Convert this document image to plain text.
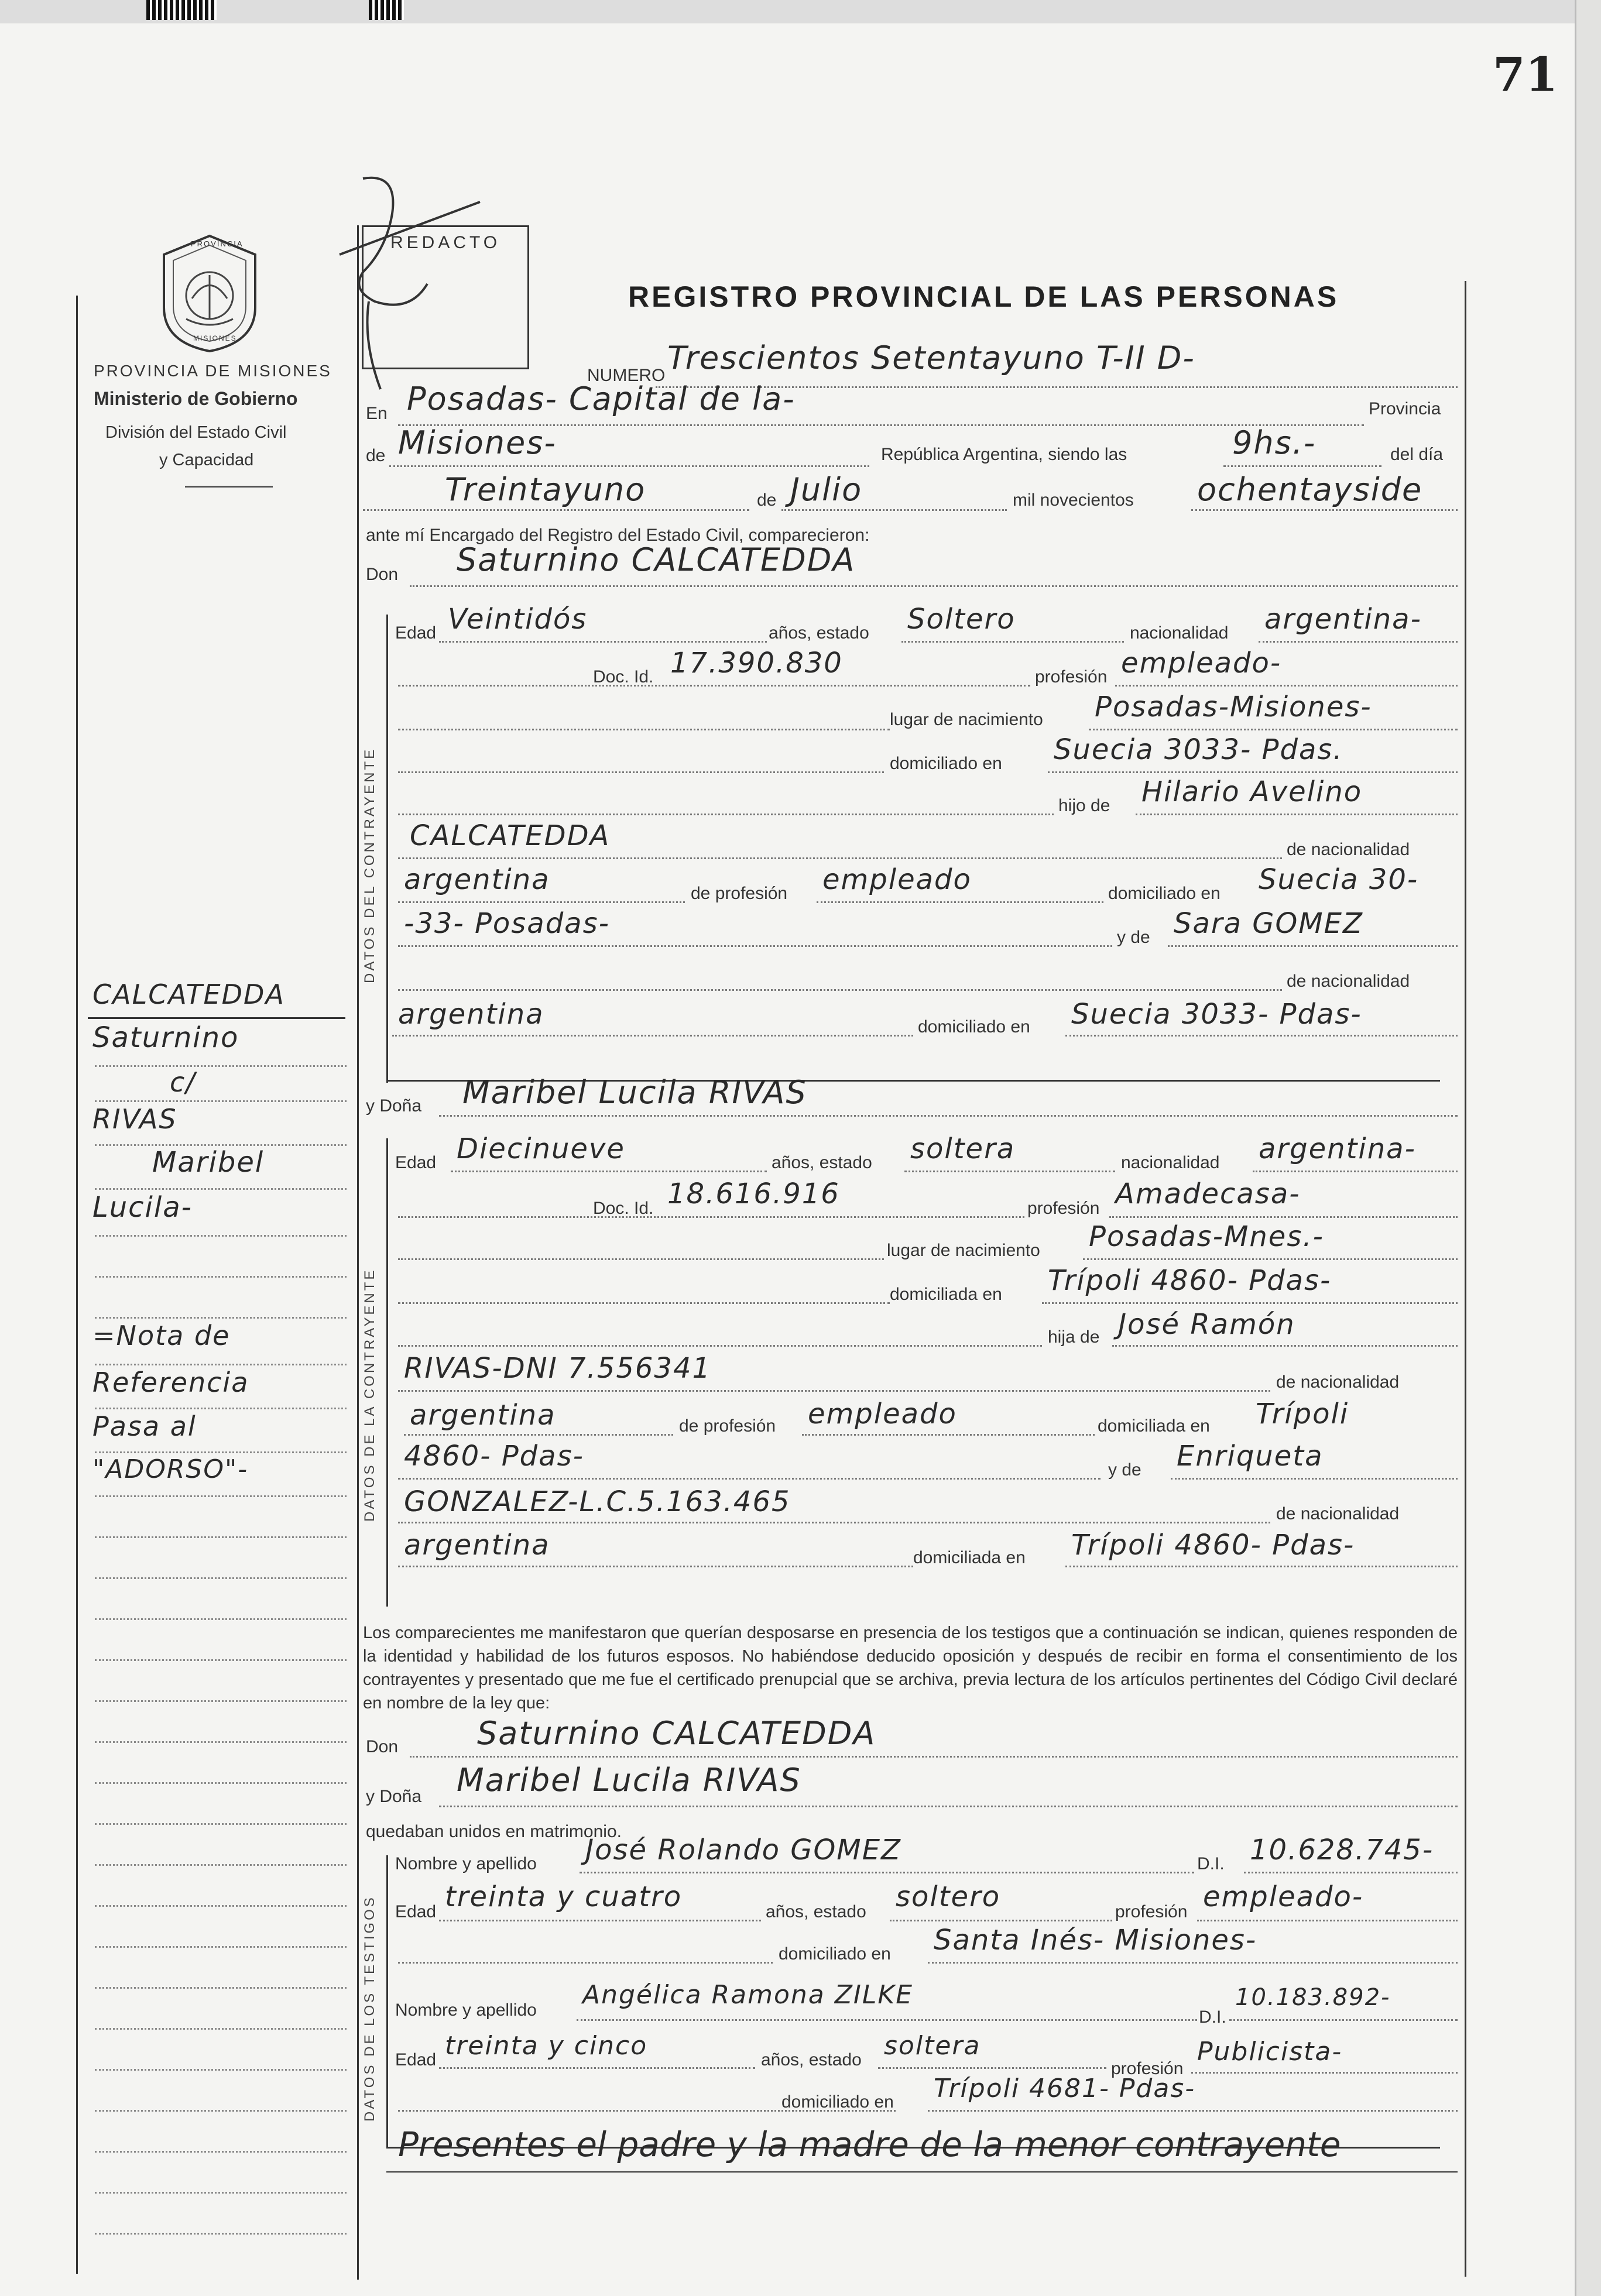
71
PROVINCIA
MISIONES
PROVINCIA DE MISIONES
Ministerio de Gobierno
División del Estado Civil
y Capacidad
REDACTO
REGISTRO PROVINCIAL DE LAS PERSONAS
DATOS DEL CONTRAYENTE
DATOS DE LA CONTRAYENTE
DATOS DE LOS TESTIGOS
NUMERO Trescientos Setentayuno T-II D-
En Posadas- Capital de la-	Provincia
de Misiones-	República Argentina, siendo las	9hs.-	del día
Treintayuno	de Julio	mil novecientos ochentayside
ante mí Encargado del Registro del Estado Civil, comparecieron:
Don Saturnino CALCATEDDA
Edad Veintidós	años, estado Soltero	nacionalidad argentina-
Doc. Id. 17.390.830	profesión empleado-
lugar de nacimiento Posadas-Misiones-
domiciliado en Suecia 3033- Pdas.
hijo de Hilario Avelino
CALCATEDDA	de nacionalidad
argentina	de profesión empleado	domiciliado en Suecia 30-
-33- Posadas-	y de Sara GOMEZ
de nacionalidad
argentina	domiciliado en Suecia 3033- Pdas-
y Doña Maribel Lucila RIVAS
Edad Diecinueve	años, estado soltera	nacionalidad argentina-
Doc. Id. 18.616.916	profesión Amadecasa-
lugar de nacimiento Posadas-Mnes.-
domiciliada en Trípoli 4860- Pdas-
hija de José Ramón
RIVAS-DNI 7.556341	de nacionalidad
argentina	de profesión empleado	domiciliada en Trípoli
4860- Pdas-	y de Enriqueta
GONZALEZ-L.C.5.163.465	de nacionalidad
argentina	domiciliada en Trípoli 4860- Pdas-
Los comparecientes me manifestaron que querían desposarse en presencia de los testigos que a continuación se indican, quienes responden de la identidad y habilidad de los futuros esposos. No habiéndose deducido oposición y después de recibir en forma el consentimiento de los contrayentes y presentado que me fue el certificado prenupcial que se archiva, previa lectura de los artículos pertinentes del Código Civil declaré en nombre de la ley que:
Don Saturnino CALCATEDDA
y Doña Maribel Lucila RIVAS
quedaban unidos en matrimonio.
Nombre y apellido José Rolando GOMEZ	D.I. 10.628.745-
Edad treinta y cuatro	años, estado soltero	profesión empleado-
domiciliado en Santa Inés- Misiones-
Nombre y apellido
Angélica Ramona ZILKE
D.I.
10.183.892-
Edad treinta y cinco	años, estado soltera
profesión
Publicista-
domiciliado en Trípoli 4681- Pdas-
Presentes el padre y la madre de la menor contrayente
CALCATEDDA
Saturnino
c/
RIVAS
Maribel
Lucila-
=Nota de
Referencia
Pasa al
"ADORSO"-
